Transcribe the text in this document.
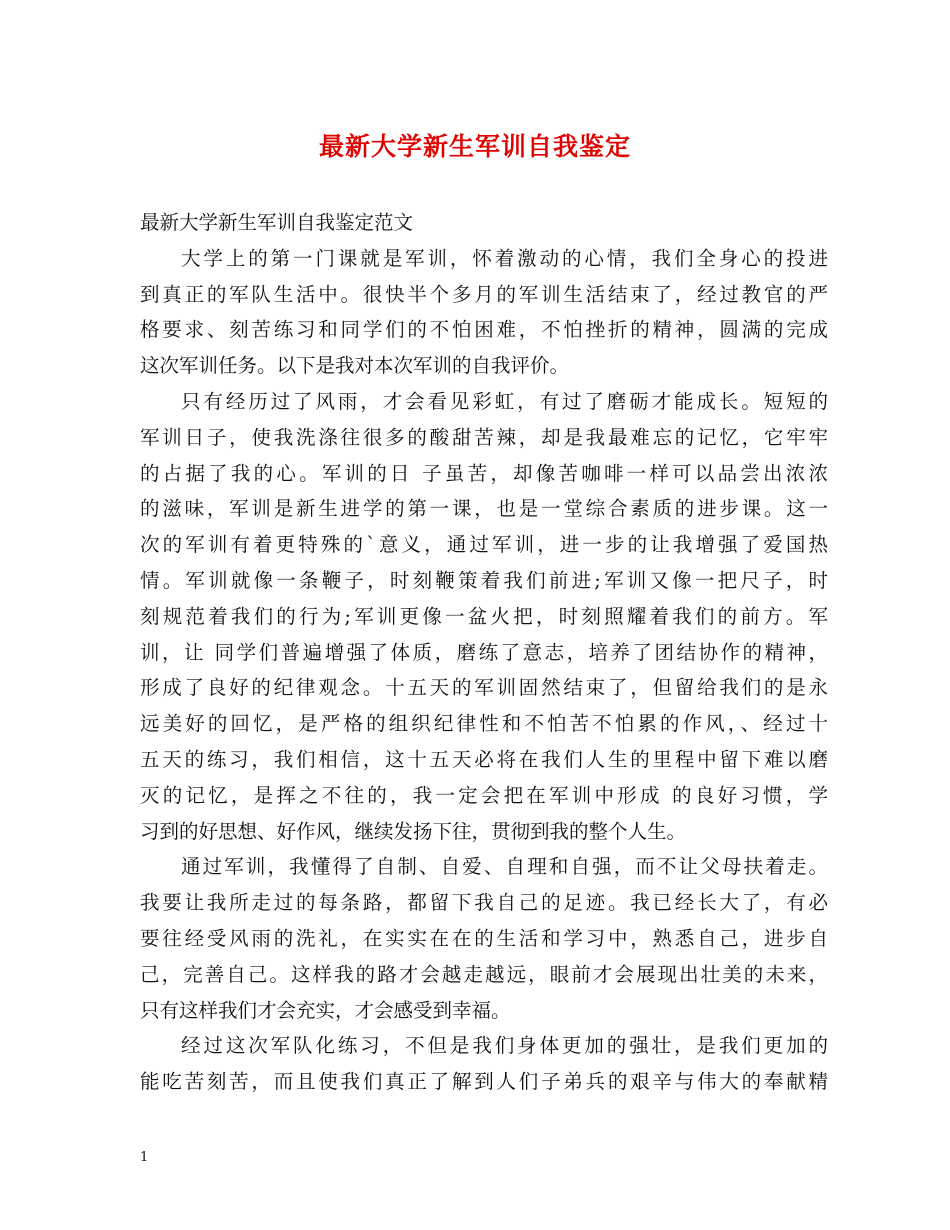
最新大学新生军训自我鉴定
最新大学新生军训自我鉴定范文
大学上的第一门课就是军训，怀着激动的心情，我们全身心的投进
到真正的军队生活中。很快半个多月的军训生活结束了，经过教官的严
格要求、刻苦练习和同学们的不怕困难，不怕挫折的精神，圆满的完成
这次军训任务。以下是我对本次军训的自我评价。
只有经历过了风雨，才会看见彩虹，有过了磨砺才能成长。短短的
军训日子，使我洗涤往很多的酸甜苦辣，却是我最难忘的记忆，它牢牢
的占据了我的心。军训的日 子虽苦，却像苦咖啡一样可以品尝出浓浓
的滋味，军训是新生进学的第一课，也是一堂综合素质的进步课。这一
次的军训有着更特殊的`意义，通过军训，进一步的让我增强了爱国热
情。军训就像一条鞭子，时刻鞭策着我们前进;军训又像一把尺子，时
刻规范着我们的行为;军训更像一盆火把，时刻照耀着我们的前方。军
训，让 同学们普遍增强了体质，磨练了意志，培养了团结协作的精神，
形成了良好的纪律观念。十五天的军训固然结束了，但留给我们的是永
远美好的回忆，是严格的组织纪律性和不怕苦不怕累的作风，、经过十
五天的练习，我们相信，这十五天必将在我们人生的里程中留下难以磨
灭的记忆，是挥之不往的，我一定会把在军训中形成 的良好习惯，学
习到的好思想、好作风，继续发扬下往，贯彻到我的整个人生。
通过军训，我懂得了自制、自爱、自理和自强，而不让父母扶着走。
我要让我所走过的每条路，都留下我自己的足迹。我已经长大了，有必
要往经受风雨的洗礼，在实实在在的生活和学习中，熟悉自己，进步自
己，完善自己。这样我的路才会越走越远，眼前才会展现出壮美的未来，
只有这样我们才会充实，才会感受到幸福。
经过这次军队化练习，不但是我们身体更加的强壮，是我们更加的
能吃苦刻苦，而且使我们真正了解到人们子弟兵的艰辛与伟大的奉献精
1
